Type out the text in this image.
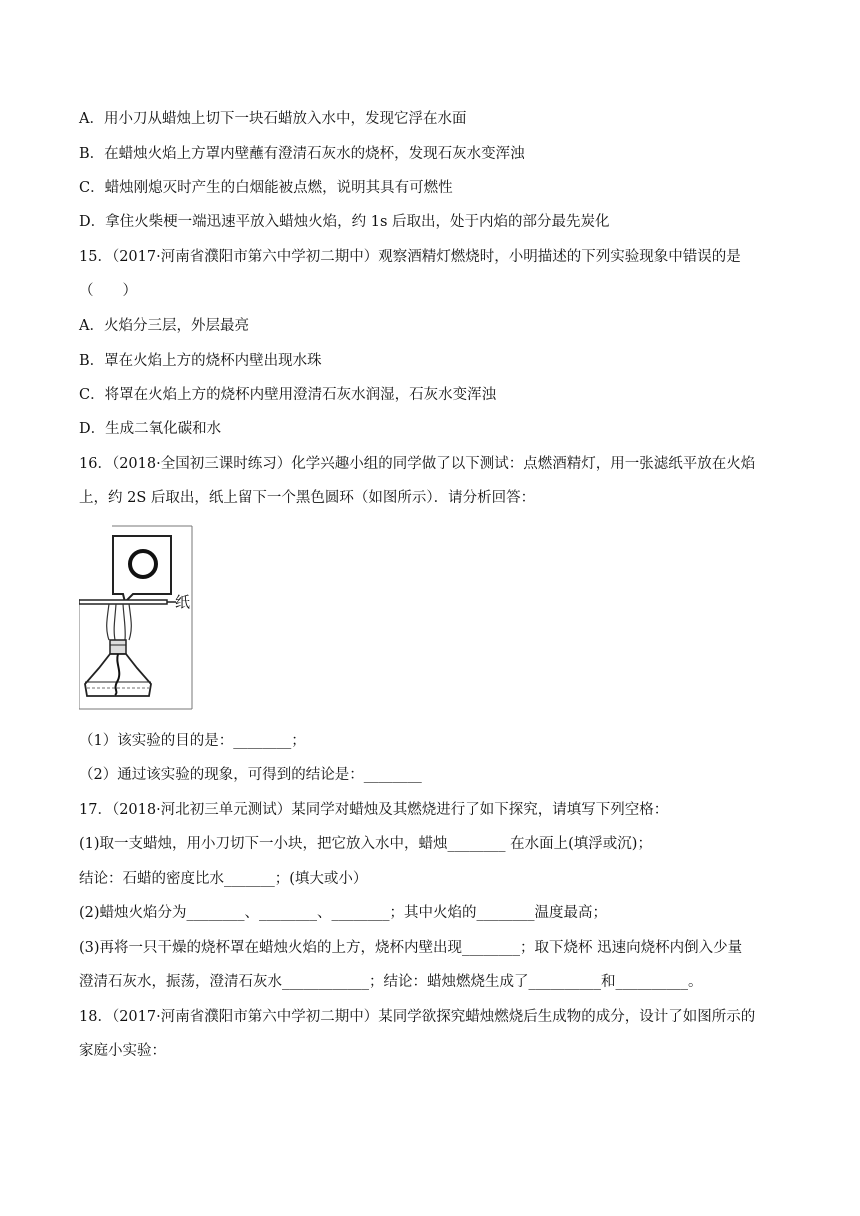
A．用小刀从蜡烛上切下一块石蜡放入水中，发现它浮在水面
B．在蜡烛火焰上方罩内壁蘸有澄清石灰水的烧杯，发现石灰水变浑浊
C．蜡烛刚熄灭时产生的白烟能被点燃，说明其具有可燃性
D．拿住火柴梗一端迅速平放入蜡烛火焰，约 1s 后取出，处于内焰的部分最先炭化
15．（2017·河南省濮阳市第六中学初二期中）观察酒精灯燃烧时，小明描述的下列实验现象中错误的是
（　　）
A．火焰分三层，外层最亮
B．罩在火焰上方的烧杯内壁出现水珠
C．将罩在火焰上方的烧杯内壁用澄清石灰水润湿，石灰水变浑浊
D．生成二氧化碳和水
16．（2018·全国初三课时练习）化学兴趣小组的同学做了以下测试：点燃酒精灯，用一张滤纸平放在火焰
上，约 2S 后取出，纸上留下一个黑色圆环（如图所示）．请分析回答：
纸
（1）该实验的目的是：________；
（2）通过该实验的现象，可得到的结论是：________
17．（2018·河北初三单元测试）某同学对蜡烛及其燃烧进行了如下探究，请填写下列空格：
(1)取一支蜡烛，用小刀切下一小块，把它放入水中，蜡烛________ 在水面上(填浮或沉)；
结论：石蜡的密度比水_______；(填大或小）
(2)蜡烛火焰分为________、________、________；其中火焰的________温度最高；
(3)再将一只干燥的烧杯罩在蜡烛火焰的上方，烧杯内壁出现________；取下烧杯 迅速向烧杯内倒入少量
澄清石灰水，振荡，澄清石灰水____________；结论：蜡烛燃烧生成了__________和__________。
18．（2017·河南省濮阳市第六中学初二期中）某同学欲探究蜡烛燃烧后生成物的成分，设计了如图所示的
家庭小实验：
